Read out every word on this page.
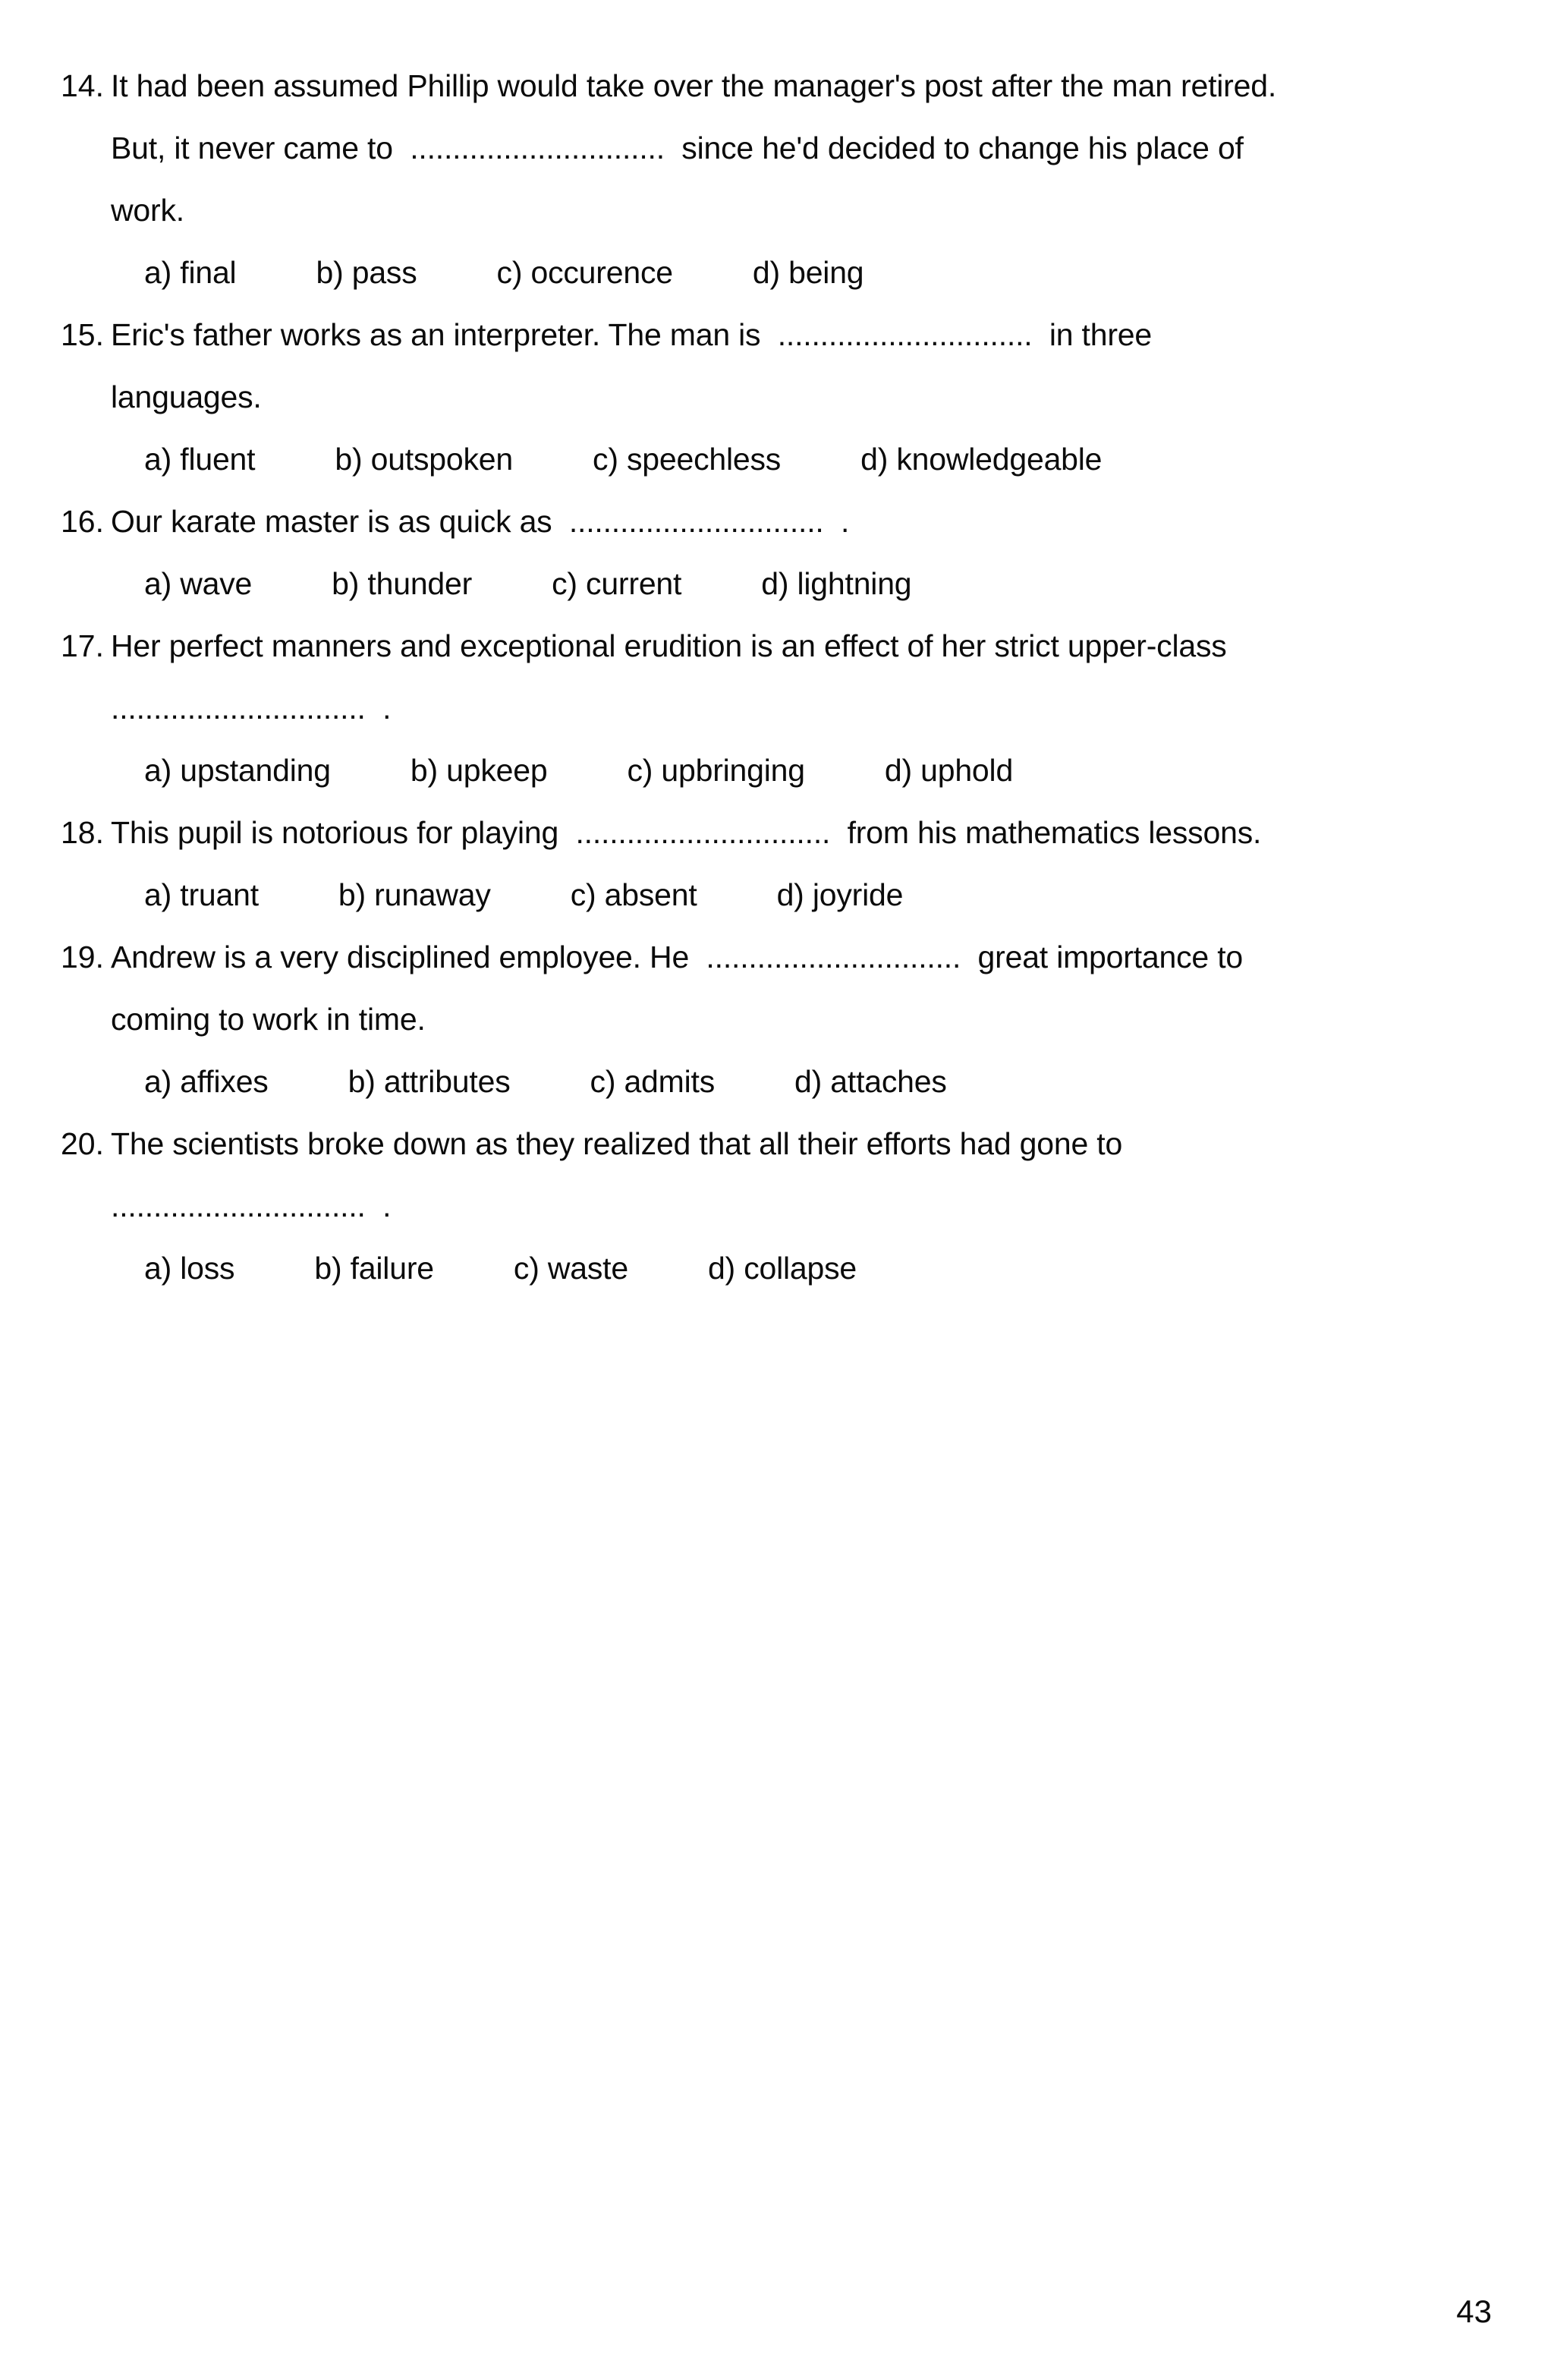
14. It had been assumed Phillip would take over the manager's post after the man retired.
But, it never came to  ..............................  since he'd decided to change his place of
work.
a) final	b) pass	c) occurence	d) being
15. Eric's father works as an interpreter. The man is  ..............................  in three
languages.
a) fluent	b) outspoken	c) speechless	d) knowledgeable
16. Our karate master is as quick as  ..............................  .
a) wave	b) thunder	c) current	d) lightning
17. Her perfect manners and exceptional erudition is an effect of her strict upper-class
..............................  .
a) upstanding	b) upkeep	c) upbringing	d) uphold
18. This pupil is notorious for playing  ..............................  from his mathematics lessons.
a) truant	b) runaway	c) absent	d) joyride
19. Andrew is a very disciplined employee. He  ..............................  great importance to
coming to work in time.
a) affixes	b) attributes	c) admits	d) attaches
20. The scientists broke down as they realized that all their efforts had gone to
..............................  .
a) loss	b) failure	c) waste	d) collapse
43
